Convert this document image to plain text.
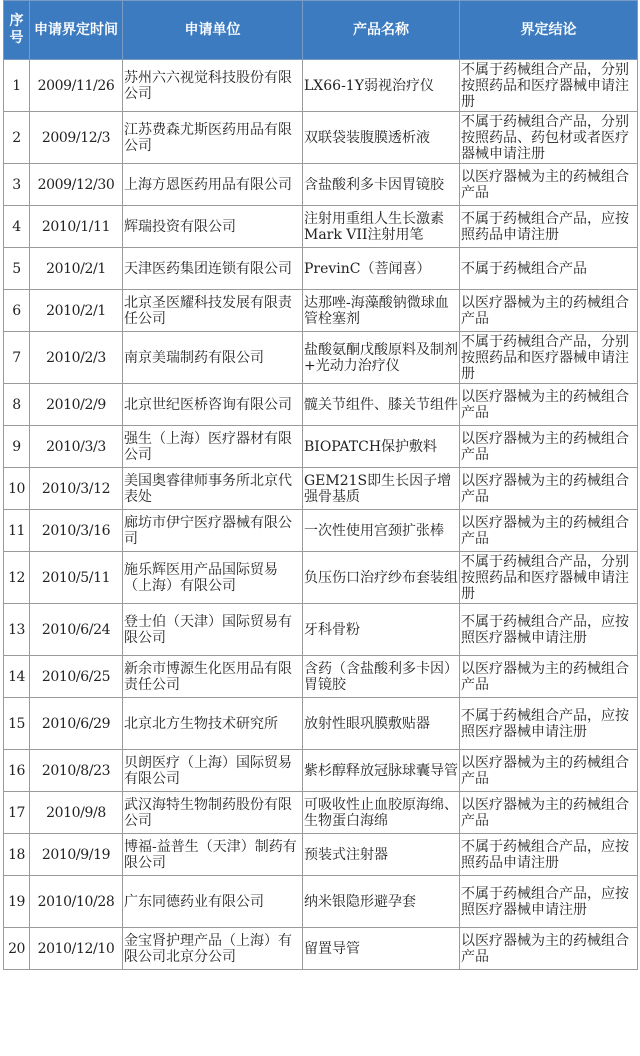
序号	申请界定时间	申请单位	产品名称	界定结论
1	2009/11/26	苏州六六视觉科技股份有限公司	LX66-1Y弱视治疗仪	不属于药械组合产品，分别按照药品和医疗器械申请注册
2	2009/12/3	江苏费森尤斯医药用品有限公司	双联袋装腹膜透析液	不属于药械组合产品，分别按照药品、药包材或者医疗器械申请注册
3	2009/12/30	上海方恩医药用品有限公司	含盐酸利多卡因胃镜胶	以医疗器械为主的药械组合产品
4	2010/1/11	辉瑞投资有限公司	注射用重组人生长激素Mark VII注射用笔	不属于药械组合产品，应按照药品申请注册
5	2010/2/1	天津医药集团连锁有限公司	PrevinC（菩闻喜）	不属于药械组合产品
6	2010/2/1	北京圣医耀科技发展有限责任公司	达那唑-海藻酸钠微球血管栓塞剂	以医疗器械为主的药械组合产品
7	2010/2/3	南京美瑞制药有限公司	盐酸氨酮戊酸原料及制剂 +光动力治疗仪	不属于药械组合产品，分别按照药品和医疗器械申请注册
8	2010/2/9	北京世纪医桥咨询有限公司	髋关节组件、膝关节组件	以医疗器械为主的药械组合产品
9	2010/3/3	强生（上海）医疗器材有限公司	BIOPATCH保护敷料	以医疗器械为主的药械组合产品
10	2010/3/12	美国奥睿律师事务所北京代表处	GEM21S即生长因子增强骨基质	以医疗器械为主的药械组合产品
11	2010/3/16	廊坊市伊宁医疗器械有限公司	一次性使用宫颈扩张棒	以医疗器械为主的药械组合产品
12	2010/5/11	施乐辉医用产品国际贸易（上海）有限公司	负压伤口治疗纱布套装组	不属于药械组合产品，分别按照药品和医疗器械申请注册
13	2010/6/24	登士伯（天津）国际贸易有限公司	牙科骨粉	不属于药械组合产品，应按照医疗器械申请注册
14	2010/6/25	新余市博源生化医用品有限责任公司	含药（含盐酸利多卡因）胃镜胶	以医疗器械为主的药械组合产品
15	2010/6/29	北京北方生物技术研究所	放射性眼巩膜敷贴器	不属于药械组合产品，应按照医疗器械申请注册
16	2010/8/23	贝朗医疗（上海）国际贸易有限公司	紫杉醇释放冠脉球囊导管	以医疗器械为主的药械组合产品
17	2010/9/8	武汉海特生物制药股份有限公司	可吸收性止血胶原海绵、生物蛋白海绵	以医疗器械为主的药械组合产品
18	2010/9/19	博福-益普生（天津）制药有限公司	预装式注射器	不属于药械组合产品，应按照药品申请注册
19	2010/10/28	广东同德药业有限公司	纳米银隐形避孕套	不属于药械组合产品，应按照医疗器械申请注册
20	2010/12/10	金宝肾护理产品（上海）有限公司北京分公司	留置导管	以医疗器械为主的药械组合产品
